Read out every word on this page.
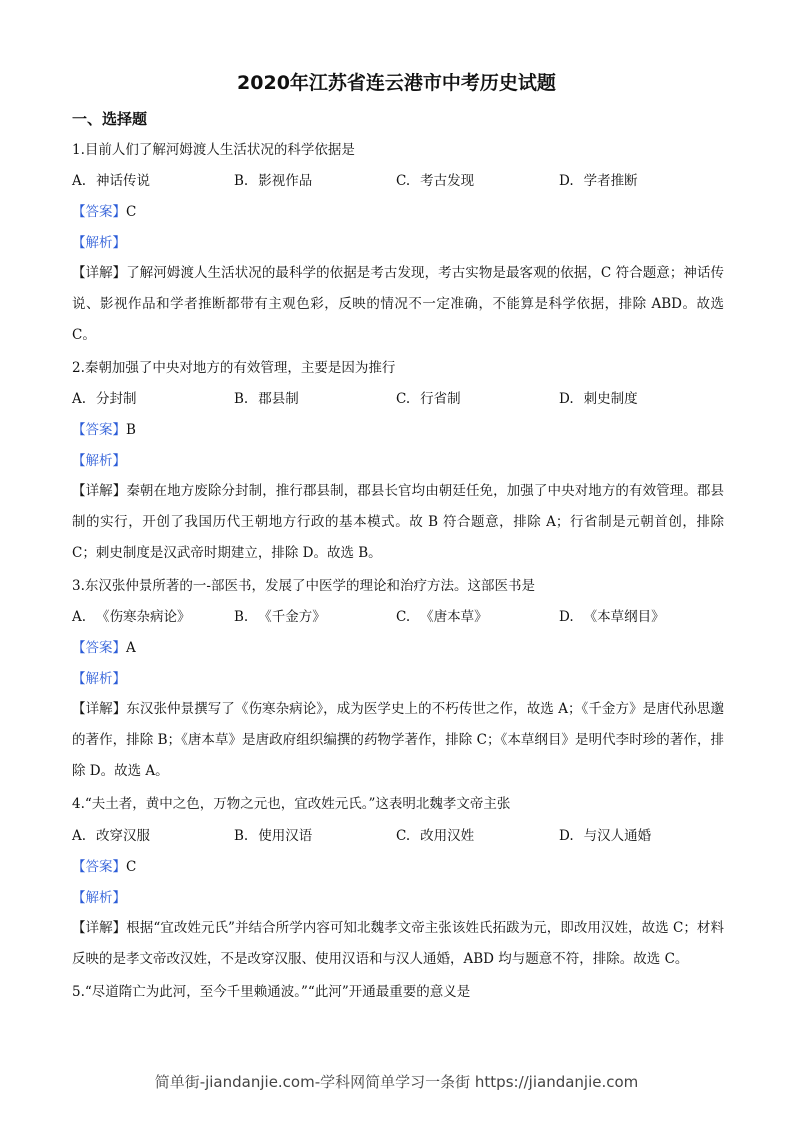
2020年江苏省连云港市中考历史试题
一、选择题
1.目前人们了解河姆渡人生活状况的科学依据是
A. 神话传说	B. 影视作品	C. 考古发现	D. 学者推断
【答案】C
【解析】
【详解】了解河姆渡人生活状况的最科学的依据是考古发现，考古实物是最客观的依据，C 符合题意；神话传说、影视作品和学者推断都带有主观色彩，反映的情况不一定准确，不能算是科学依据，排除 ABD。故选 C。
2.秦朝加强了中央对地方的有效管理，主要是因为推行
A. 分封制	B. 郡县制	C. 行省制	D. 刺史制度
【答案】B
【解析】
【详解】秦朝在地方废除分封制，推行郡县制，郡县长官均由朝廷任免，加强了中央对地方的有效管理。郡县制的实行，开创了我国历代王朝地方行政的基本模式。故 B 符合题意，排除 A；行省制是元朝首创，排除 C；刺史制度是汉武帝时期建立，排除 D。故选 B。
3.东汉张仲景所著的一-部医书，发展了中医学的理论和治疗方法。这部医书是
A. 《伤寒杂病论》	B. 《千金方》	C. 《唐本草》	D. 《本草纲目》
【答案】A
【解析】
【详解】东汉张仲景撰写了《伤寒杂病论》，成为医学史上的不朽传世之作，故选 A；《千金方》是唐代孙思邈的著作，排除 B；《唐本草》是唐政府组织编撰的药物学著作，排除 C；《本草纲目》是明代李时珍的著作，排除 D。故选 A。
4.“夫土者，黄中之色，万物之元也，宜改姓元氏。”这表明北魏孝文帝主张
A. 改穿汉服	B. 使用汉语	C. 改用汉姓	D. 与汉人通婚
【答案】C
【解析】
【详解】根据“宜改姓元氏”并结合所学内容可知北魏孝文帝主张该姓氏拓跋为元，即改用汉姓，故选 C；材料反映的是孝文帝改汉姓，不是改穿汉服、使用汉语和与汉人通婚，ABD 均与题意不符，排除。故选 C。
5.“尽道隋亡为此河，至今千里赖通波。”“此河”开通最重要的意义是
简单街-jiandanjie.com-学科网简单学习一条街 https://jiandanjie.com
